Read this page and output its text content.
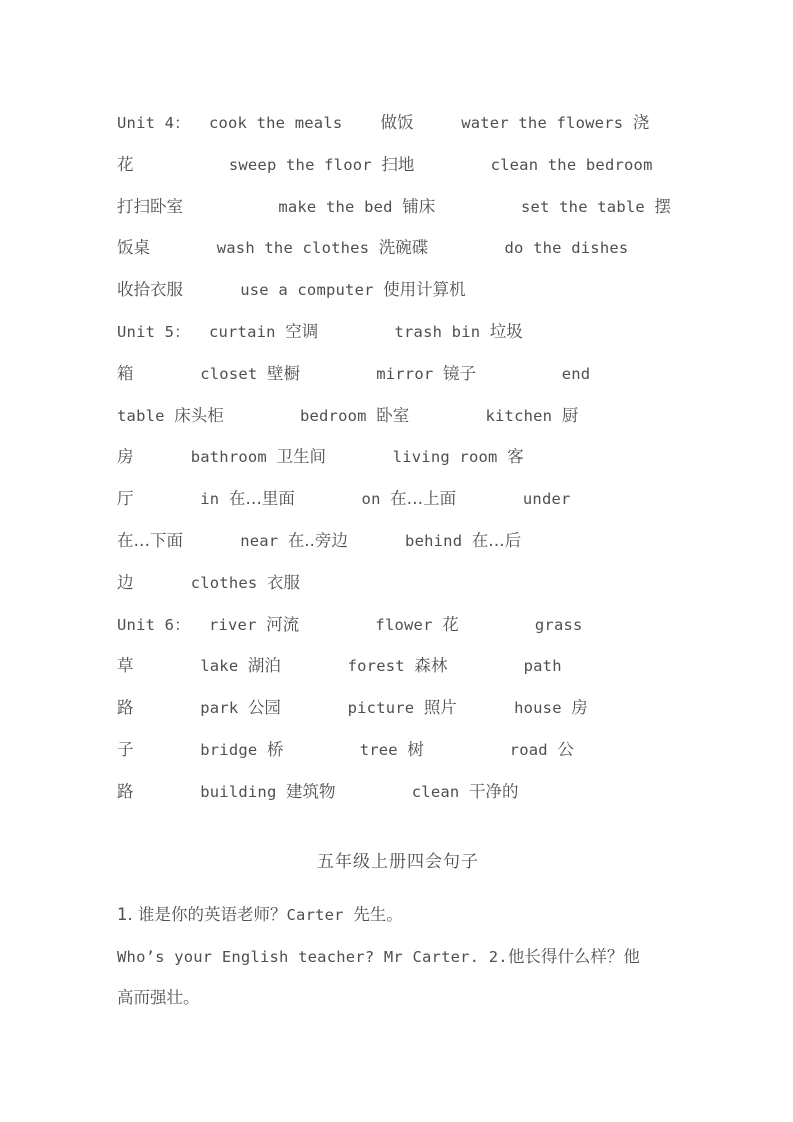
Unit 4：  cook the meals    做饭     water the flowers 浇
花          sweep the floor 扫地        clean the bedroom
打扫卧室          make the bed 铺床         set the table 摆
饭桌       wash the clothes 洗碗碟        do the dishes
收拾衣服      use a computer 使用计算机
Unit 5：  curtain 空调        trash bin 垃圾
箱       closet 壁橱        mirror 镜子         end
table 床头柜        bedroom 卧室        kitchen 厨
房      bathroom 卫生间       living room 客
厅       in 在…里面       on 在…上面       under
在…下面      near 在..旁边      behind 在…后
边      clothes 衣服
Unit 6：  river 河流        flower 花        grass
草       lake 湖泊       forest 森林        path
路       park 公园       picture 照片      house 房
子       bridge 桥        tree 树         road 公
路       building 建筑物        clean 干净的
五年级上册四会句子
1. 谁是你的英语老师？Carter 先生。
Who’s your English teacher? Mr Carter. 2.他长得什么样？他
高而强壮。
